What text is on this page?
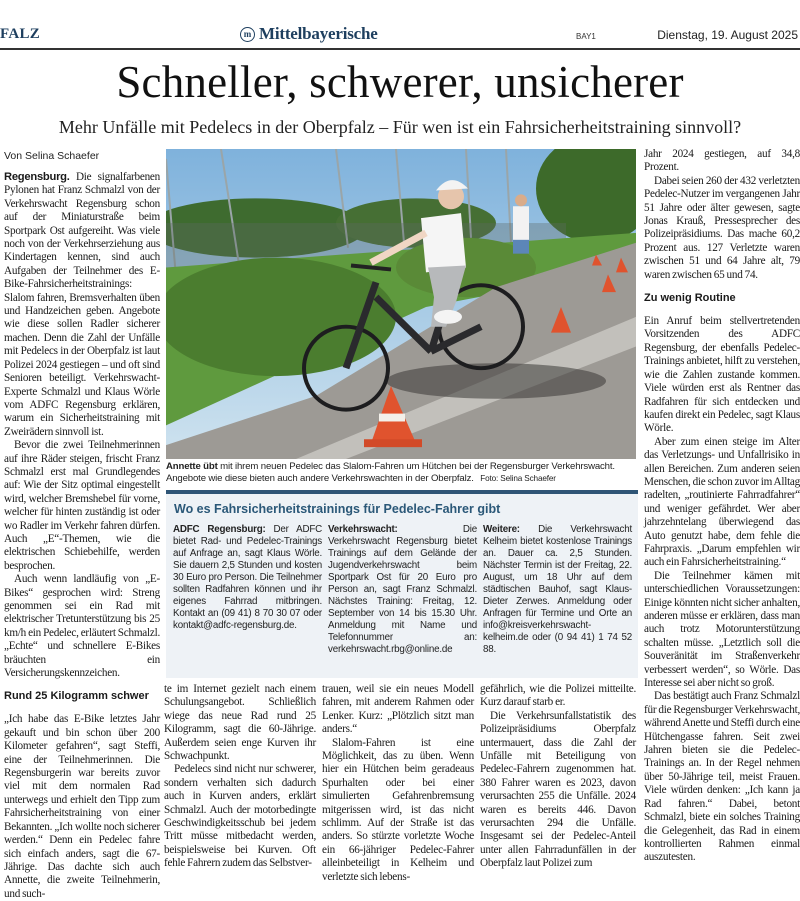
FALZ	m Mittelbayerische	BAY1	Dienstag, 19. August 2025
Schneller, schwerer, unsicherer
Mehr Unfälle mit Pedelecs in der Oberpfalz – Für wen ist ein Fahrsicherheitstraining sinnvoll?
Von Selina Schaefer

Regensburg. Die signalfarbenen Pylonen hat Franz Schmalzl von der Verkehrswacht Regensburg schon auf der Miniaturstraße beim Sportpark Ost aufgereiht. Was viele noch von der Verkehrserziehung aus Kindertagen kennen, sind auch Aufgaben der Teilnehmer des E-Bike-Fahrsicherheitstrainings: Slalom fahren, Bremsverhalten üben und Handzeichen geben. Angebote wie diese sollen Radler sicherer machen. Denn die Zahl der Unfälle mit Pedelecs in der Oberpfalz ist laut Polizei 2024 gestiegen – und oft sind Senioren beteiligt. Verkehrswacht-Experte Schmalzl und Klaus Wörle vom ADFC Regensburg erklären, warum ein Sicherheitstraining mit Zweirädern sinnvoll ist.

Bevor die zwei Teilnehmerinnen auf ihre Räder steigen, frischt Franz Schmalzl erst mal Grundlegendes auf: Wie der Sitz optimal eingestellt wird, welcher Bremshebel für vorne, welcher für hinten zuständig ist oder wo Radler im Verkehr fahren dürfen. Auch „E“-Themen, wie die elektrischen Schiebehilfe, werden besprochen.

Auch wenn landläufig von „E-Bikes“ gesprochen wird: Streng genommen sei ein Rad mit elektrischer Tretunterstützung bis 25 km/h ein Pedelec, erläutert Schmalzl. „Echte“ und schnellere E-Bikes bräuchten ein Versicherungskennzeichen.

Rund 25 Kilogramm schwer

„Ich habe das E-Bike letztes Jahr gekauft und bin schon über 200 Kilometer gefahren“, sagt Steffi, eine der Teilnehmerinnen. Die Regensburgerin war bereits zuvor viel mit dem normalen Rad unterwegs und erhielt den Tipp zum Fahrsicherheitstraining von einer Bekannten. „Ich wollte noch sicherer werden.“ Denn ein Pedelec fahre sich einfach anders, sagt die 67-Jährige. Das dachte sich auch Annette, die zweite Teilnehmerin, und such-

Annette übt mit ihrem neuen Pedelec das Slalom-Fahren um Hütchen bei der Regensburger Verkehrswacht. Angebote wie diese bieten auch andere Verkehrswachten in der Oberpfalz. Foto: Selina Schaefer
Wo es Fahrsicherheitstrainings für Pedelec-Fahrer gibt
ADFC Regensburg: Der ADFC bietet Rad- und Pedelec-Trainings auf Anfrage an, sagt Klaus Wörle. Sie dauern 2,5 Stunden und kosten 30 Euro pro Person. Die Teilnehmer sollten Radfahren können und ihr eigenes Fahrrad mitbringen. Kontakt an (09 41) 8 70 30 07 oder kontakt@adfc-regensburg.de.
Verkehrswacht:	Die Verkehrswacht Regensburg bietet Trainings auf dem Gelände der Jugendverkehrswacht beim Sportpark Ost für 20 Euro pro Person an, sagt Franz Schmalzl. Nächstes Training: Freitag, 12. September von 14 bis 15.30 Uhr. Anmeldung mit Name und Telefonnummer an: verkehrswacht.rbg@online.de
Weitere: Die Verkehrswacht Kelheim bietet kostenlose Trainings an. Dauer ca. 2,5 Stunden. Nächster Termin ist der Freitag, 22. August, um 18 Uhr auf dem städtischen Bauhof, sagt Klaus-Dieter Zerwes. Anmeldung oder Anfragen für Termine und Orte an info@kreisverkehrswacht-kelheim.de oder (0 94 41) 1 74 52 88.

te im Internet gezielt nach einem Schulungsangebot. Schließlich wiege das neue Rad rund 25 Kilogramm, sagt die 60-Jährige. Außerdem seien enge Kurven ihr Schwachpunkt.

Pedelecs sind nicht nur schwerer, sondern verhalten sich dadurch auch in Kurven anders, erklärt Schmalzl. Auch der motorbedingte Geschwindigkeitsschub bei jedem Tritt müsse mitbedacht werden, beispielsweise bei Kurven. Oft fehle Fahrern zudem das Selbstver-

trauen, weil sie ein neues Modell fahren, mit anderem Rahmen oder Lenker. Kurz: „Plötzlich sitzt man anders.“

Slalom-Fahren ist eine Möglichkeit, das zu üben. Wenn hier ein Hütchen beim geradeaus Spurhalten oder bei einer simulierten Gefahrenbremsung mitgerissen wird, ist das nicht schlimm. Auf der Straße ist das anders. So stürzte vorletzte Woche ein 66-jähriger Pedelec-Fahrer alleinbeteiligt in Kelheim und verletzte sich lebens-

gefährlich, wie die Polizei mitteilte. Kurz darauf starb er.

Die Verkehrsunfallstatistik des Polizeipräsidiums Oberpfalz untermauert, dass die Zahl der Unfälle mit Beteiligung von Pedelec-Fahrern zugenommen hat. 380 Fahrer waren es 2023, davon verursachten 255 die Unfälle. 2024 waren es bereits 446. Davon verursachten 294 die Unfälle. Insgesamt sei der Pedelec-Anteil unter allen Fahrradunfällen in der Oberpfalz laut Polizei zum

Jahr 2024 gestiegen, auf 34,8 Prozent.

Dabei seien 260 der 432 verletzten Pedelec-Nutzer im vergangenen Jahr 51 Jahre oder älter gewesen, sagte Jonas Krauß, Pressesprecher des Polizeipräsidiums. Das mache 60,2 Prozent aus. 127 Verletzte waren zwischen 51 und 64 Jahre alt, 79 waren zwischen 65 und 74.

Zu wenig Routine

Ein Anruf beim stellvertretenden Vorsitzenden des ADFC Regensburg, der ebenfalls Pedelec-Trainings anbietet, hilft zu verstehen, wie die Zahlen zustande kommen. Viele würden erst als Rentner das Radfahren für sich entdecken und kaufen direkt ein Pedelec, sagt Klaus Wörle.

Aber zum einen steige im Alter das Verletzungs- und Unfallrisiko in allen Bereichen. Zum anderen seien Menschen, die schon zuvor im Alltag radelten, „routinierte Fahrradfahrer“ und weniger gefährdet. Wer aber jahrzehntelang überwiegend das Auto genutzt habe, dem fehle die Fahrpraxis. „Darum empfehlen wir auch ein Fahrsicherheitstraining.“

Die Teilnehmer kämen mit unterschiedlichen Voraussetzungen: Einige könnten nicht sicher anhalten, anderen müsse er erklären, dass man auch trotz Motorunterstützung schalten müsse. „Letztlich soll die Souveränität im Straßenverkehr verbessert werden“, so Wörle. Das Interesse sei aber nicht so groß.

Das bestätigt auch Franz Schmalzl für die Regensburger Verkehrswacht, während Anette und Steffi durch eine Hütchengasse fahren. Seit zwei Jahren bieten sie die Pedelec-Trainings an. In der Regel nehmen über 50-Jährige teil, meist Frauen. Viele würden denken: „Ich kann ja Rad fahren.“ Dabei, betont Schmalzl, biete ein solches Training die Gelegenheit, das Rad in einem kontrollierten Rahmen einmal auszutesten.
